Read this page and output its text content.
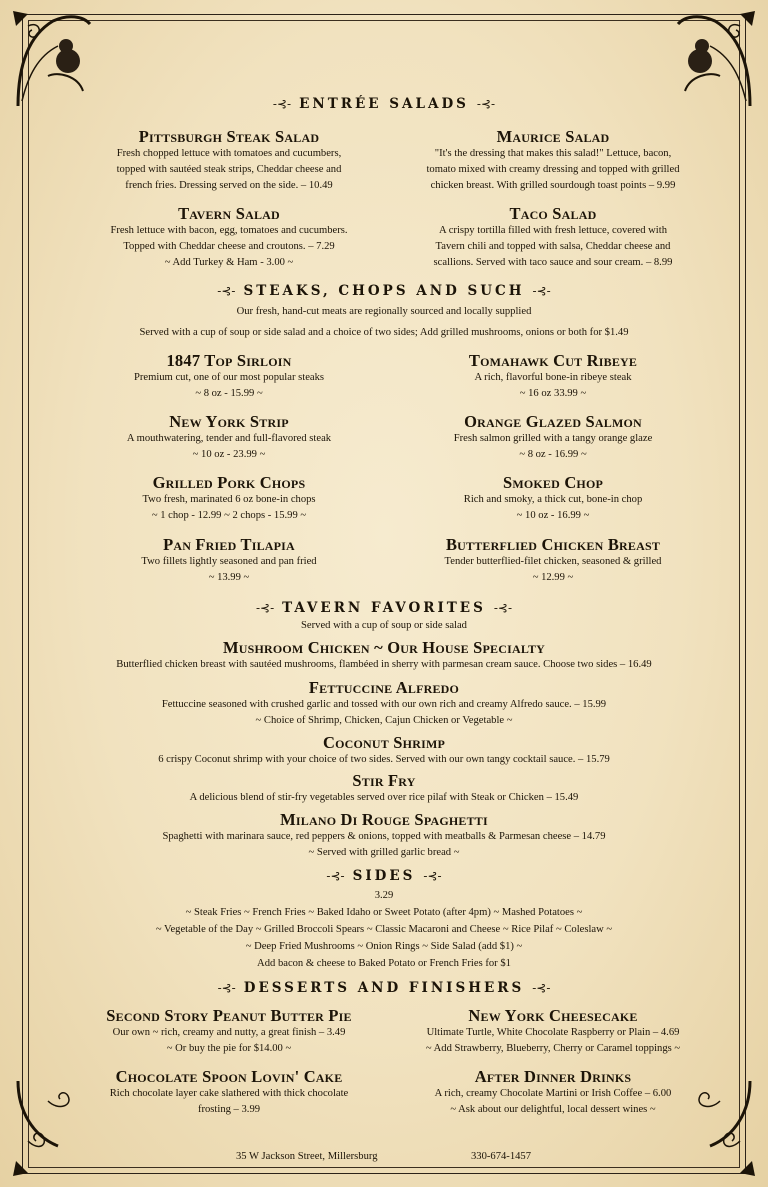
-⊰- ENTRÉE SALADS -⊰-
Pittsburgh Steak Salad
Fresh chopped lettuce with tomatoes and cucumbers,
topped with sautéed steak strips, Cheddar cheese and
french fries. Dressing served on the side. – 10.49
Maurice Salad
"It's the dressing that makes this salad!" Lettuce, bacon,
tomato mixed with creamy dressing and topped with grilled
chicken breast. With grilled sourdough toast points – 9.99
Tavern Salad
Fresh lettuce with bacon, egg, tomatoes and cucumbers.
Topped with Cheddar cheese and croutons. – 7.29
~ Add Turkey & Ham - 3.00 ~
Taco Salad
A crispy tortilla filled with fresh lettuce, covered with
Tavern chili and topped with salsa, Cheddar cheese and
scallions. Served with taco sauce and sour cream. – 8.99
-⊰- STEAKS, CHOPS AND SUCH -⊰-
Our fresh, hand-cut meats are regionally sourced and locally supplied
Served with a cup of soup or side salad and a choice of two sides; Add grilled mushrooms, onions or both for $1.49
1847 Top Sirloin
Premium cut, one of our most popular steaks
~ 8 oz - 15.99 ~
Tomahawk Cut Ribeye
A rich, flavorful bone-in ribeye steak
~ 16 oz 33.99 ~
New York Strip
A mouthwatering, tender and full-flavored steak
~ 10 oz - 23.99 ~
Orange Glazed Salmon
Fresh salmon grilled with a tangy orange glaze
~ 8 oz - 16.99 ~
Grilled Pork Chops
Two fresh, marinated 6 oz bone-in chops
~ 1 chop - 12.99 ~ 2 chops - 15.99 ~
Smoked Chop
Rich and smoky, a thick cut, bone-in chop
~ 10 oz - 16.99 ~
Pan Fried Tilapia
Two fillets lightly seasoned and pan fried
~ 13.99 ~
Butterflied Chicken Breast
Tender butterflied-filet chicken, seasoned & grilled
~ 12.99 ~
-⊰- TAVERN FAVORITES -⊰-
Served with a cup of soup or side salad
Mushroom Chicken ~ Our House Specialty
Butterflied chicken breast with sautéed mushrooms, flambéed in sherry with parmesan cream sauce. Choose two sides – 16.49
Fettuccine Alfredo
Fettuccine seasoned with crushed garlic and tossed with our own rich and creamy Alfredo sauce. – 15.99
~ Choice of Shrimp, Chicken, Cajun Chicken or Vegetable ~
Coconut Shrimp
6 crispy Coconut shrimp with your choice of two sides. Served with our own tangy cocktail sauce. – 15.79
Stir Fry
A delicious blend of stir-fry vegetables served over rice pilaf with Steak or Chicken – 15.49
Milano Di Rouge Spaghetti
Spaghetti with marinara sauce, red peppers & onions, topped with meatballs & Parmesan cheese – 14.79
~ Served with grilled garlic bread ~
-⊰- SIDES -⊰-
3.29
~ Steak Fries ~ French Fries ~ Baked Idaho or Sweet Potato (after 4pm) ~ Mashed Potatoes ~
~ Vegetable of the Day ~ Grilled Broccoli Spears ~ Classic Macaroni and Cheese ~ Rice Pilaf ~ Coleslaw ~
~ Deep Fried Mushrooms ~ Onion Rings ~ Side Salad (add $1) ~
Add bacon & cheese to Baked Potato or French Fries for $1
-⊰- DESSERTS AND FINISHERS -⊰-
Second Story Peanut Butter Pie
Our own ~ rich, creamy and nutty, a great finish – 3.49
~ Or buy the pie for $14.00 ~
New York Cheesecake
Ultimate Turtle, White Chocolate Raspberry or Plain – 4.69
~ Add Strawberry, Blueberry, Cherry or Caramel toppings ~
Chocolate Spoon Lovin' Cake
Rich chocolate layer cake slathered with thick chocolate
frosting – 3.99
After Dinner Drinks
A rich, creamy Chocolate Martini or Irish Coffee – 6.00
~ Ask about our delightful, local dessert wines ~
35 W Jackson Street, Millersburg	330-674-1457
